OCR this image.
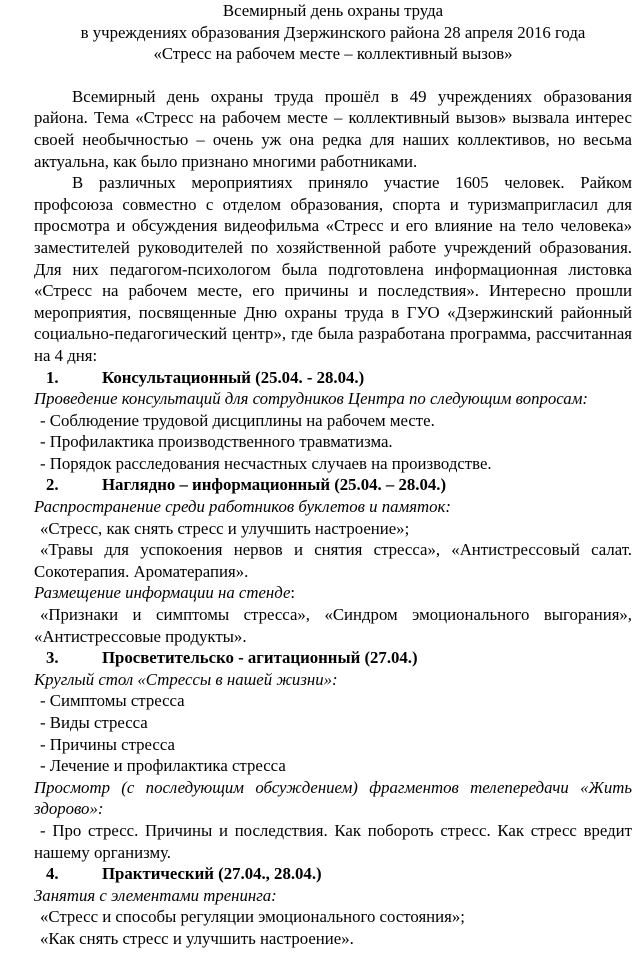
Всемирный день охраны труда
в учреждениях образования Дзержинского района 28 апреля 2016 года
«Стресс на рабочем месте – коллективный вызов»

Всемирный день охраны труда прошёл в 49 учреждениях образования района. Тема «Стресс на рабочем месте – коллективный вызов» вызвала интерес своей необычностью – очень уж она редка для наших коллективов, но весьма актуальна, как было признано многими работниками.

В различных мероприятиях приняло участие 1605 человек. Райком профсоюза совместно с отделом образования, спорта и туризмапригласил для просмотра и обсуждения видеофильма «Стресс и его влияние на тело человека» заместителей руководителей по хозяйственной работе учреждений образования. Для них педагогом-психологом была подготовлена информационная листовка «Стресс на рабочем месте, его причины и последствия». Интересно прошли мероприятия, посвященные Дню охраны труда в ГУО «Дзержинский районный социально-педагогический центр», где была разработана программа, рассчитанная на 4 дня:

1.	Консультационный (25.04. - 28.04.)

Проведение консультаций для сотрудников Центра по следующим вопросам:

- Соблюдение трудовой дисциплины на рабочем месте.

- Профилактика производственного травматизма.

- Порядок расследования несчастных случаев на производстве.

2.	Наглядно – информационный (25.04. – 28.04.)

Распространение среди работников буклетов и памяток:

«Стресс, как снять стресс и улучшить настроение»;

«Травы для успокоения нервов и снятия стресса», «Антистрессовый салат. Сокотерапия. Ароматерапия».

Размещение информации на стенде:

«Признаки и симптомы стресса», «Синдром эмоционального выгорания», «Антистрессовые продукты».

3.	Просветительско - агитационный (27.04.)

Круглый стол «Стрессы в нашей жизни»:

- Симптомы стресса

- Виды стресса

- Причины стресса

- Лечение и профилактика стресса

Просмотр (с последующим обсуждением) фрагментов телепередачи «Жить здорово»:

- Про стресс. Причины и последствия. Как побороть стресс. Как стресс вредит нашему организму.

4.	Практический (27.04., 28.04.)

Занятия с элементами тренинга:

«Стресс и способы регуляции эмоционального состояния»;

«Как снять стресс и улучшить настроение».
